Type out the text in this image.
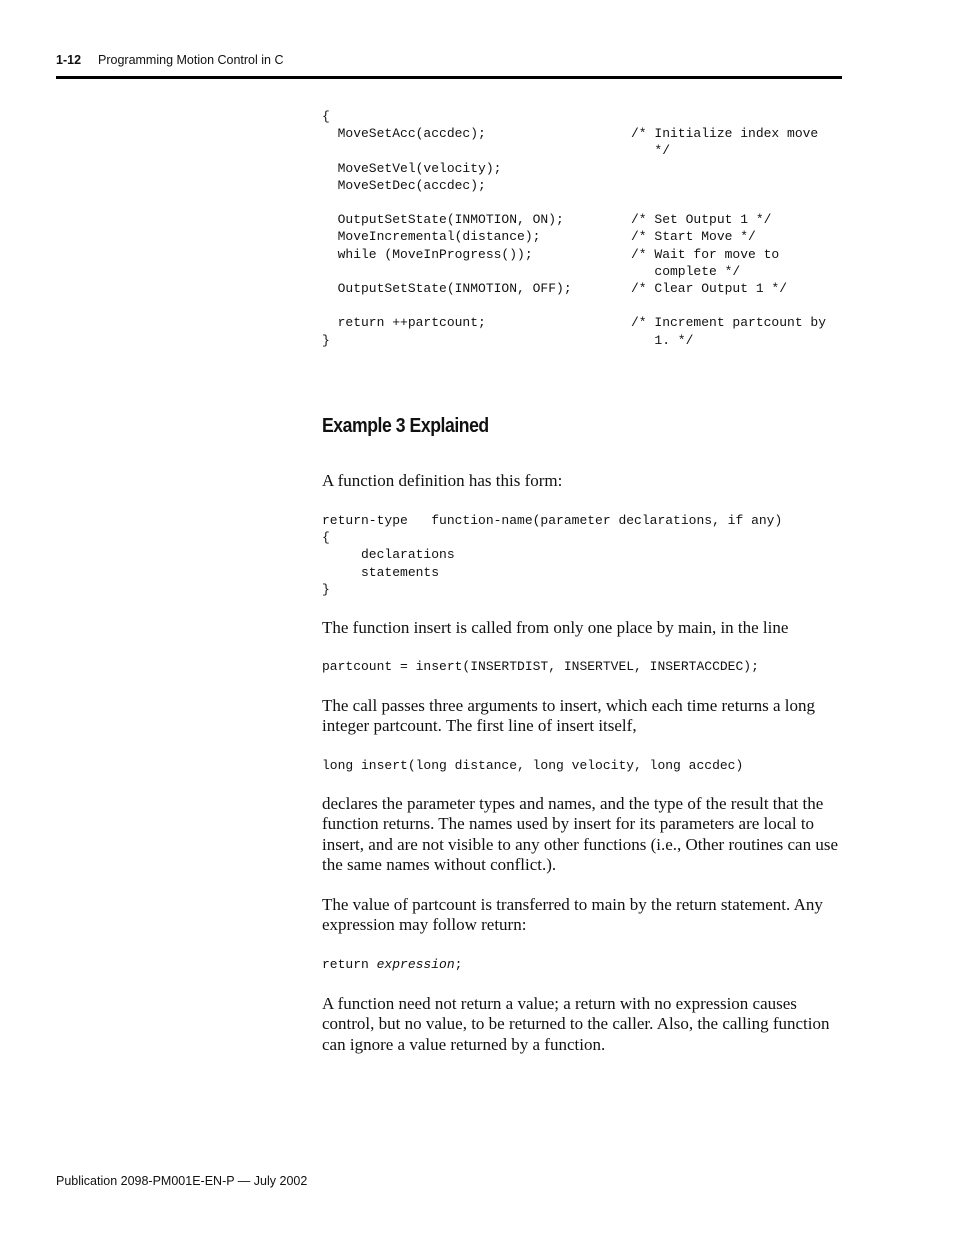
1-12 Programming Motion Control in C
{
MoveSetAcc(accdec);

MoveSetVel(velocity);
MoveSetDec(accdec);

OutputSetState(INMOTION, ON);
MoveIncremental(distance);
while (MoveInProgress());

OutputSetState(INMOTION, OFF);

return ++partcount;
}

/* Initialize index move
*/

/* Set Output 1 */
/* Start Move */
/* Wait for move to
complete */
/* Clear Output 1 */

/* Increment partcount by
1. */
Example 3 Explained

A function definition has this form:

return-type   function-name(parameter declarations, if any)
{
declarations
statements
}

The function insert is called from only one place by main, in the line

partcount = insert(INSERTDIST, INSERTVEL, INSERTACCDEC);

The call passes three arguments to insert, which each time returns a long integer partcount. The first line of insert itself,

long insert(long distance, long velocity, long accdec)

declares the parameter types and names, and the type of the result that the function returns. The names used by insert for its parameters are local to insert, and are not visible to any other functions (i.e., Other routines can use the same names without conflict.).

The value of partcount is transferred to main by the return statement. Any expression may follow return:

return expression;

A function need not return a value; a return with no expression causes control, but no value, to be returned to the caller. Also, the calling function can ignore a value returned by a function.

Publication 2098-PM001E-EN-P — July 2002
